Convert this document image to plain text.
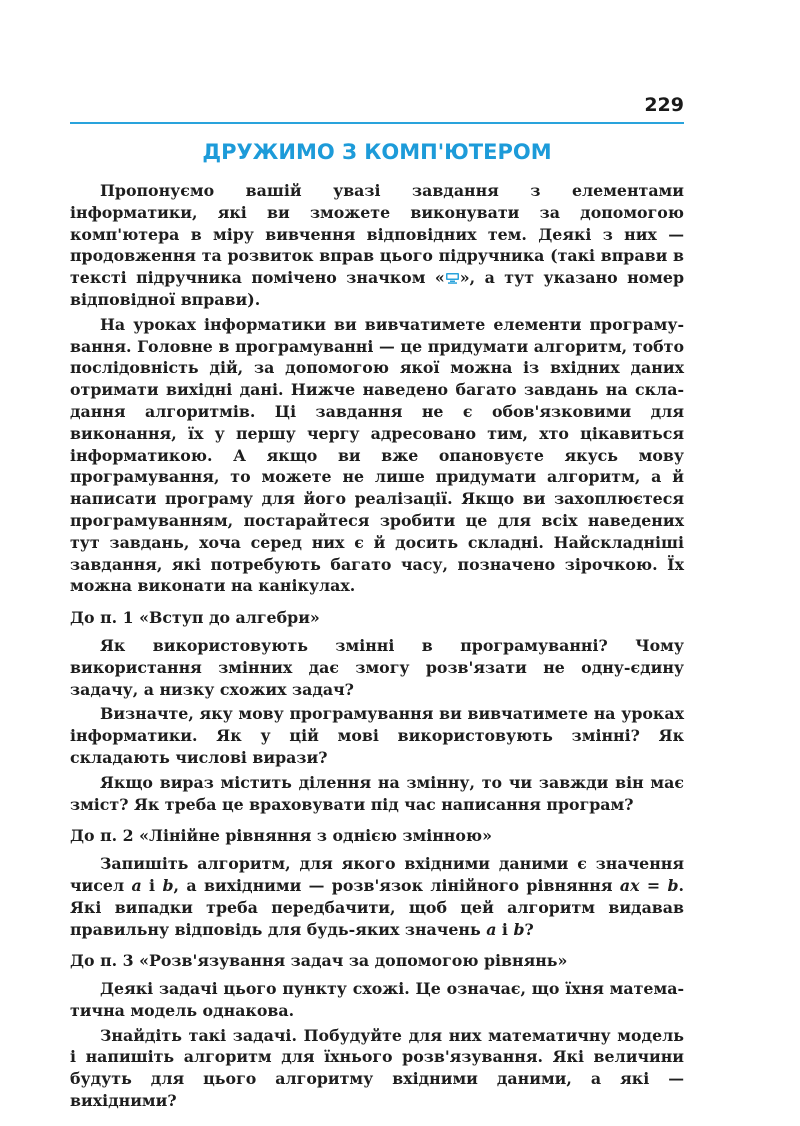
229
ДРУЖИМО З КОМП'ЮТЕРОМ

Пропонуємо вашій увазі завдання з елементами інформатики, які ви зможете виконувати за допомогою комп'ютера в міру вивчення відповідних тем. Деякі з них — продовження та розвиток вправ цього підручника (такі вправи в тексті підручника помічено значком « », а тут указано номер відповідної вправи).

На уроках інформатики ви вивчатимете елементи програмування. Головне в програмуванні — це придумати алгоритм, тобто послідовність дій, за допомогою якої можна із вхідних даних отримати вихідні дані. Нижче наведено багато завдань на складання алгоритмів. Ці завдання не є обов'язковими для виконання, їх у першу чергу адресовано тим, хто цікавиться інформатикою. А якщо ви вже опановуєте якусь мову програмування, то можете не лише придумати алгоритм, а й написати програму для його реалізації. Якщо ви захоплюєтеся програмуванням, постарайтеся зробити це для всіх наведених тут завдань, хоча серед них є й досить складні. Найскладніші завдання, які потребують багато часу, позначено зірочкою. Їх можна виконати на канікулах.

До п. 1 «Вступ до алгебри»

Як використовують змінні в програмуванні? Чому використання змінних дає змогу розв'язати не одну-єдину задачу, а низку схожих задач?

Визначте, яку мову програмування ви вивчатимете на уроках інформатики. Як у цій мові використовують змінні? Як складають числові вирази?

Якщо вираз містить ділення на змінну, то чи завжди він має зміст? Як треба це враховувати під час написання програм?

До п. 2 «Лінійне рівняння з однією змінною»

Запишіть алгоритм, для якого вхідними даними є значення чисел a і b, а вихідними — розв'язок лінійного рівняння ax = b. Які випадки треба передбачити, щоб цей алгоритм видавав правильну відповідь для будь-яких значень a і b?

До п. 3 «Розв'язування задач за допомогою рівнянь»

Деякі задачі цього пункту схожі. Це означає, що їхня математична модель однакова.

Знайдіть такі задачі. Побудуйте для них математичну модель і напишіть алгоритм для їхнього розв'язування. Які величини будуть для цього алгоритму вхідними даними, а які — вихідними?
